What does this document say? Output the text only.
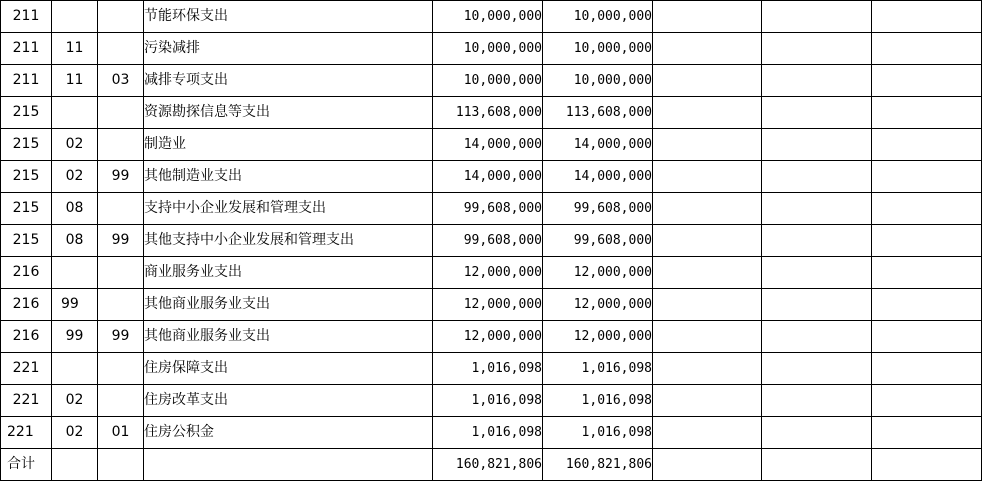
211			节能环保支出	10,000,000	10,000,000			
211	11		污染减排	10,000,000	10,000,000			
211	11	03	减排专项支出	10,000,000	10,000,000			
215			资源勘探信息等支出	113,608,000	113,608,000			
215	02		制造业	14,000,000	14,000,000			
215	02	99	其他制造业支出	14,000,000	14,000,000			
215	08		支持中小企业发展和管理支出	99,608,000	99,608,000			
215	08	99	其他支持中小企业发展和管理支出	99,608,000	99,608,000			
216			商业服务业支出	12,000,000	12,000,000			
216	99		其他商业服务业支出	12,000,000	12,000,000			
216	99	99	其他商业服务业支出	12,000,000	12,000,000			
221			住房保障支出	1,016,098	1,016,098			
221	02		住房改革支出	1,016,098	1,016,098			
221	02	01	住房公积金	1,016,098	1,016,098			
合计				160,821,806	160,821,806			
